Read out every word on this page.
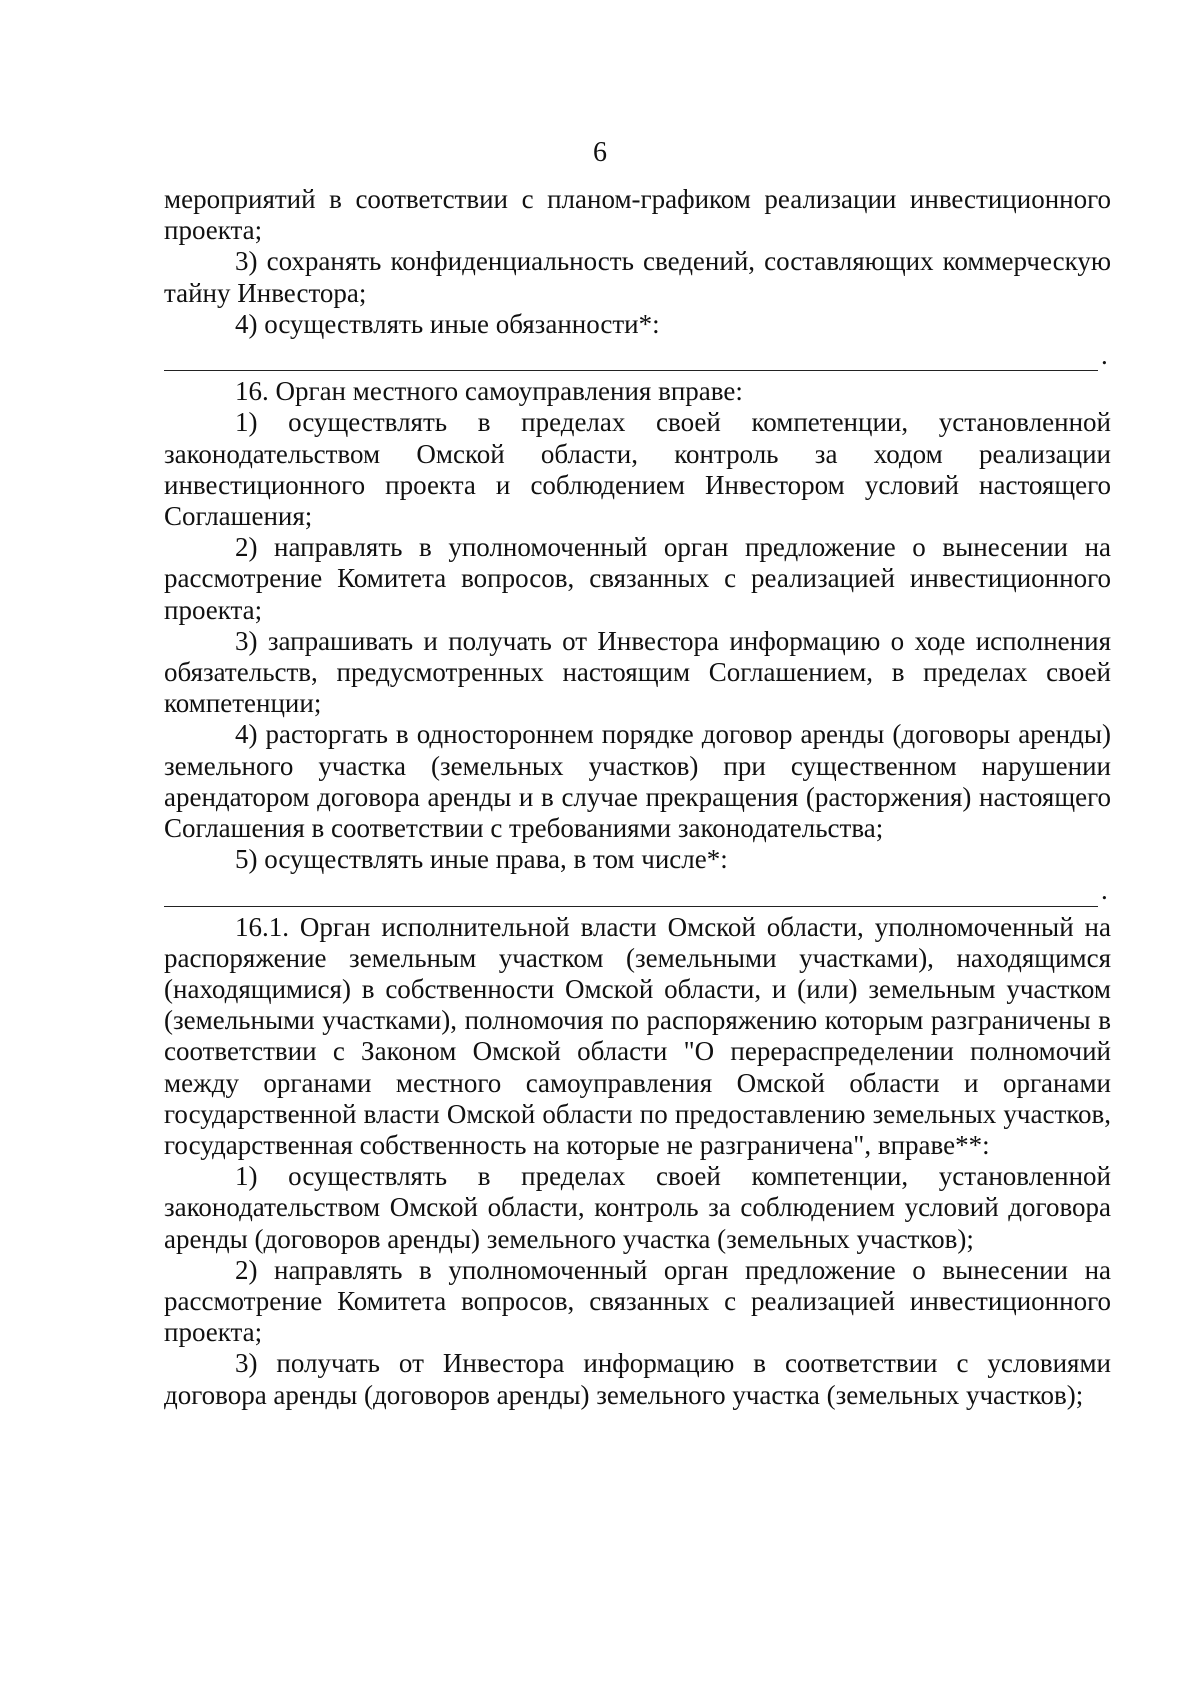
6

мероприятий в соответствии с планом-графиком реализации инвестиционного проекта;

3) сохранять конфиденциальность сведений, составляющих коммерческую тайну Инвестора;

4) осуществлять иные обязанности*:

.

16. Орган местного самоуправления вправе:

1) осуществлять в пределах своей компетенции, установленной законодательством Омской области, контроль за ходом реализации инвестиционного проекта и соблюдением Инвестором условий настоящего Соглашения;

2) направлять в уполномоченный орган предложение о вынесении на рассмотрение Комитета вопросов, связанных с реализацией инвестиционного проекта;

3) запрашивать и получать от Инвестора информацию о ходе исполнения обязательств, предусмотренных настоящим Соглашением, в пределах своей компетенции;

4) расторгать в одностороннем порядке договор аренды (договоры аренды) земельного участка (земельных участков) при существенном нарушении арендатором договора аренды и в случае прекращения (расторжения) настоящего Соглашения в соответствии с требованиями законодательства;

5) осуществлять иные права, в том числе*:

.

16.1. Орган исполнительной власти Омской области, уполномоченный на распоряжение земельным участком (земельными участками), находящимся (находящимися) в собственности Омской области, и (или) земельным участком (земельными участками), полномочия по распоряжению которым разграничены в соответствии с Законом Омской области "О перераспределении полномочий между органами местного самоуправления Омской области и органами государственной власти Омской области по предоставлению земельных участков, государственная собственность на которые не разграничена", вправе**:

1) осуществлять в пределах своей компетенции, установленной законодательством Омской области, контроль за соблюдением условий договора аренды (договоров аренды) земельного участка (земельных участков);

2) направлять в уполномоченный орган предложение о вынесении на рассмотрение Комитета вопросов, связанных с реализацией инвестиционного проекта;

3) получать от Инвестора информацию в соответствии с условиями договора аренды (договоров аренды) земельного участка (земельных участков);
